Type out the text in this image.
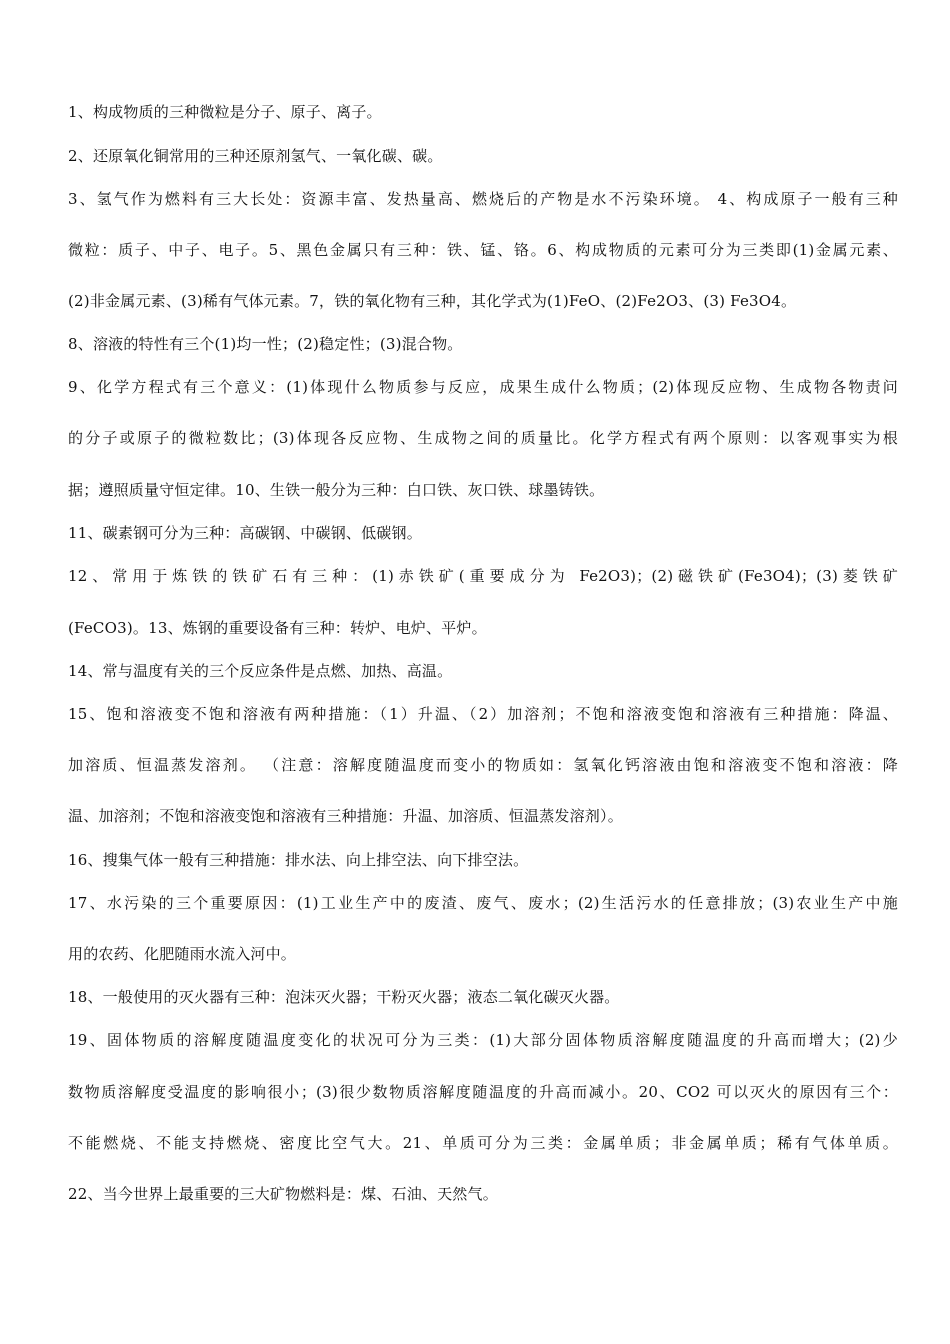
1、构成物质的三种微粒是分子、原子、离子。
2、还原氧化铜常用的三种还原剂氢气、一氧化碳、碳。
3、氢气作为燃料有三大长处：资源丰富、发热量高、燃烧后的产物是水不污染环境。 4、构成原子一般有三种
微粒：质子、中子、电子。5、黑色金属只有三种：铁、锰、铬。6、构成物质的元素可分为三类即(1)金属元素、
(2)非金属元素、(3)稀有气体元素。7，铁的氧化物有三种，其化学式为(1)FeO、(2)Fe2O3、(3) Fe3O4。
8、溶液的特性有三个(1)均一性；(2)稳定性；(3)混合物。
9、化学方程式有三个意义：(1)体现什么物质参与反应，成果生成什么物质；(2)体现反应物、生成物各物责问
的分子或原子的微粒数比；(3)体现各反应物、生成物之间的质量比。化学方程式有两个原则：以客观事实为根
据；遵照质量守恒定律。10、生铁一般分为三种：白口铁、灰口铁、球墨铸铁。
11、碳素钢可分为三种：高碳钢、中碳钢、低碳钢。
12、常用于炼铁的铁矿石有三种：(1)赤铁矿(重要成分为 Fe2O3)；(2)磁铁矿(Fe3O4)；(3)菱铁矿
(FeCO3)。13、炼钢的重要设备有三种：转炉、电炉、平炉。
14、常与温度有关的三个反应条件是点燃、加热、高温。
15、饱和溶液变不饱和溶液有两种措施：（1）升温、（2）加溶剂；不饱和溶液变饱和溶液有三种措施：降温、
加溶质、恒温蒸发溶剂。 （注意：溶解度随温度而变小的物质如：氢氧化钙溶液由饱和溶液变不饱和溶液：降
温、加溶剂；不饱和溶液变饱和溶液有三种措施：升温、加溶质、恒温蒸发溶剂）。
16、搜集气体一般有三种措施：排水法、向上排空法、向下排空法。
17、水污染的三个重要原因：(1)工业生产中的废渣、废气、废水；(2)生活污水的任意排放；(3)农业生产中施
用的农药、化肥随雨水流入河中。
18、一般使用的灭火器有三种：泡沫灭火器；干粉灭火器；液态二氧化碳灭火器。
19、固体物质的溶解度随温度变化的状况可分为三类：(1)大部分固体物质溶解度随温度的升高而增大；(2)少
数物质溶解度受温度的影响很小；(3)很少数物质溶解度随温度的升高而减小。20、CO2 可以灭火的原因有三个：
不能燃烧、不能支持燃烧、密度比空气大。21、单质可分为三类：金属单质；非金属单质；稀有气体单质。
22、当今世界上最重要的三大矿物燃料是：煤、石油、天然气。
